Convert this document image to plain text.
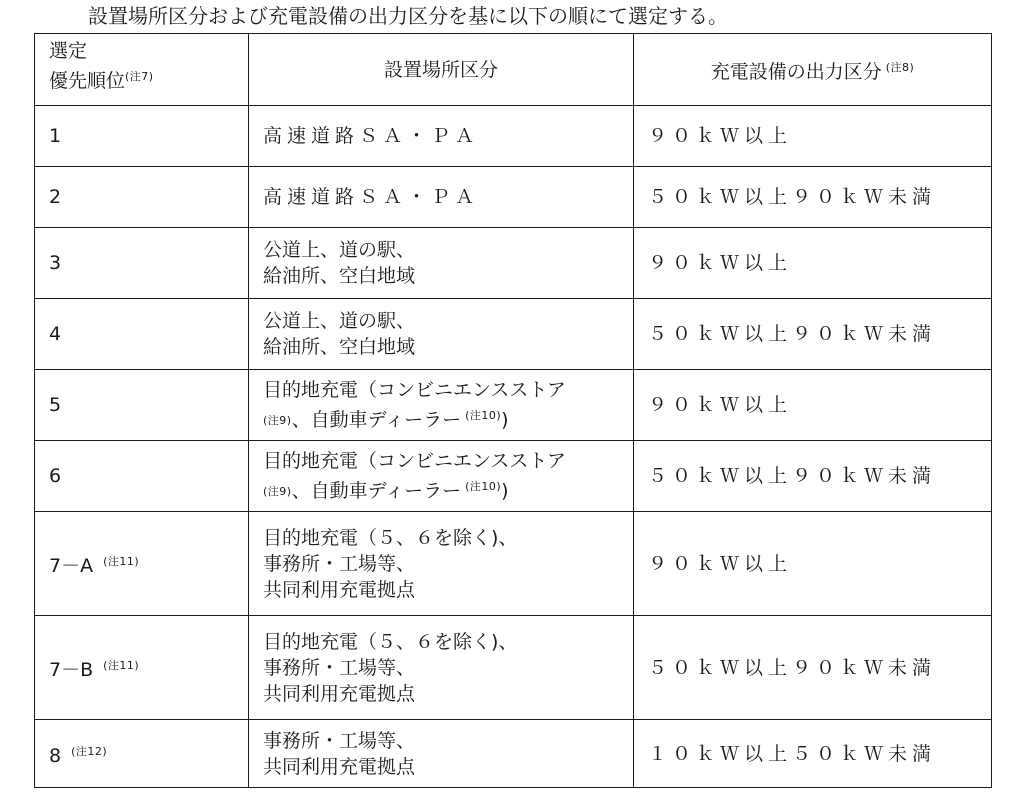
設置場所区分および充電設備の出力区分を基に以下の順にて選定する。
選定
優先順位$^{(注7)}$	設置場所区分	充電設備の出力区分 $^{(注8)}$
1	高速道路ＳＡ・ＰＡ	９０ｋＷ以上
2	高速道路ＳＡ・ＰＡ	５０ｋＷ以上９０ｋＷ未満
3	公道上、道の駅、
給油所、空白地域	９０ｋＷ以上
4	公道上、道の駅、
給油所、空白地域	５０ｋＷ以上９０ｋＷ未満
5	目的地充電（コンビニエンスストア
(注9)、自動車ディーラー $^{(注10)}$)	９０ｋＷ以上
6	目的地充電（コンビニエンスストア
(注9)、自動車ディーラー $^{(注10)}$)	５０ｋＷ以上９０ｋＷ未満
7－A $^{(注11)}$	目的地充電（５、６を除く)、
事務所・工場等、
共同利用充電拠点	９０ｋＷ以上
7－B $^{(注11)}$	目的地充電（５、６を除く)、
事務所・工場等、
共同利用充電拠点	５０ｋＷ以上９０ｋＷ未満
8 $^{(注12)}$	事務所・工場等、
共同利用充電拠点	１０ｋＷ以上５０ｋＷ未満
